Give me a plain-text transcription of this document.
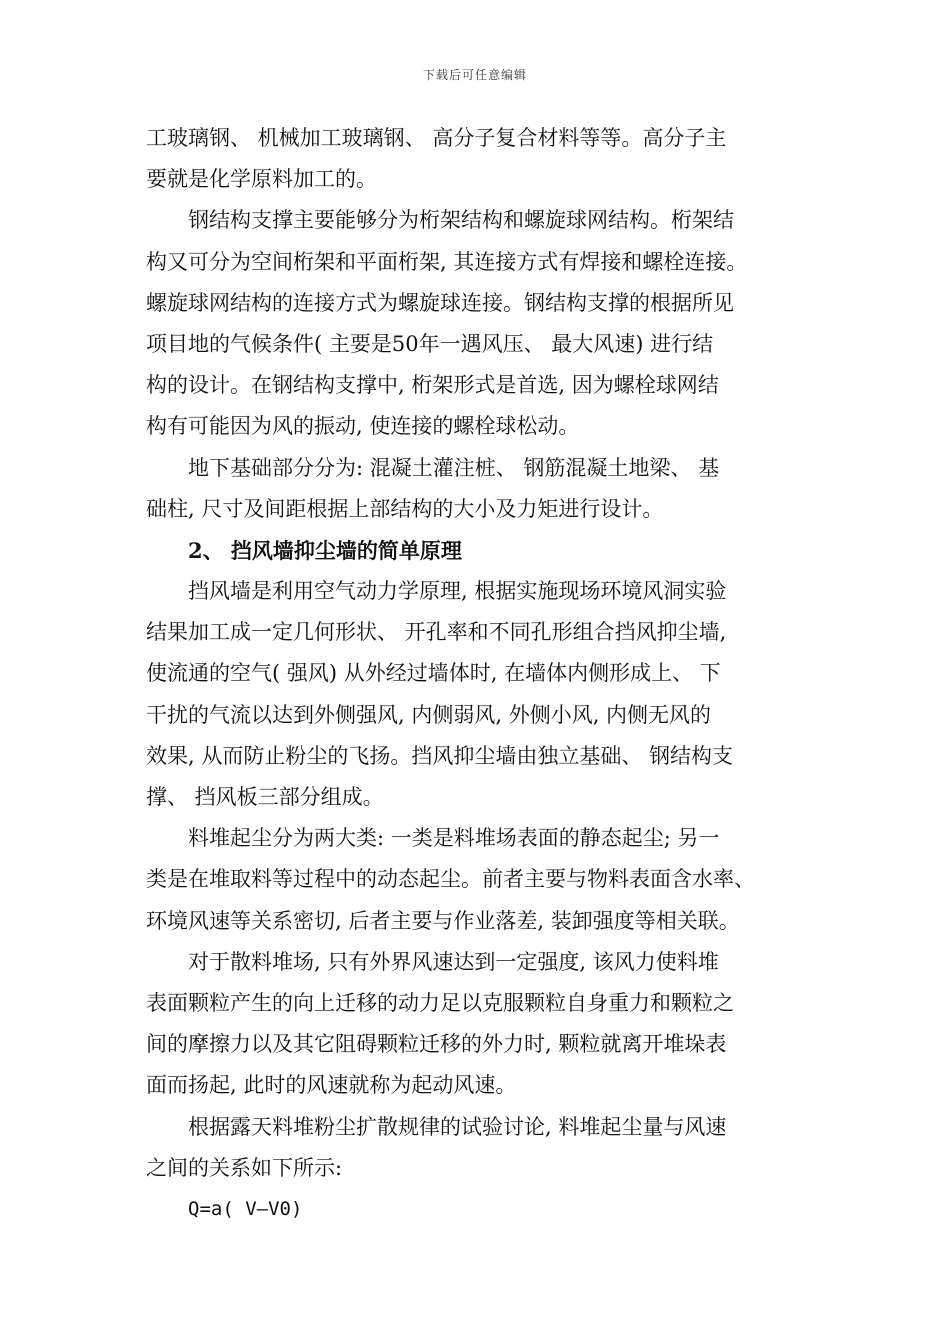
下载后可任意编辑
工玻璃钢、 机械加工玻璃钢、 高分子复合材料等等。高分子主
要就是化学原料加工的。
钢结构支撑主要能够分为桁架结构和螺旋球网结构。桁架结
构又可分为空间桁架和平面桁架, 其连接方式有焊接和螺栓连接。
螺旋球网结构的连接方式为螺旋球连接。钢结构支撑的根据所见
项目地的气候条件( 主要是50年一遇风压、 最大风速) 进行结
构的设计。在钢结构支撑中, 桁架形式是首选, 因为螺栓球网结
构有可能因为风的振动, 使连接的螺栓球松动。
地下基础部分分为: 混凝土灌注桩、 钢筋混凝土地梁、 基
础柱, 尺寸及间距根据上部结构的大小及力矩进行设计。
2、 挡风墙抑尘墙的简单原理
挡风墙是利用空气动力学原理, 根据实施现场环境风洞实验
结果加工成一定几何形状、 开孔率和不同孔形组合挡风抑尘墙,
使流通的空气( 强风) 从外经过墙体时, 在墙体内侧形成上、 下
干扰的气流以达到外侧强风, 内侧弱风, 外侧小风, 内侧无风的
效果, 从而防止粉尘的飞扬。挡风抑尘墙由独立基础、 钢结构支
撑、 挡风板三部分组成。
料堆起尘分为两大类: 一类是料堆场表面的静态起尘; 另一
类是在堆取料等过程中的动态起尘。前者主要与物料表面含水率、
环境风速等关系密切, 后者主要与作业落差, 装卸强度等相关联。
对于散料堆场, 只有外界风速达到一定强度, 该风力使料堆
表面颗粒产生的向上迁移的动力足以克服颗粒自身重力和颗粒之
间的摩擦力以及其它阻碍颗粒迁移的外力时, 颗粒就离开堆垛表
面而扬起, 此时的风速就称为起动风速。
根据露天料堆粉尘扩散规律的试验讨论, 料堆起尘量与风速
之间的关系如下所示:
Q=a( V—V0)
